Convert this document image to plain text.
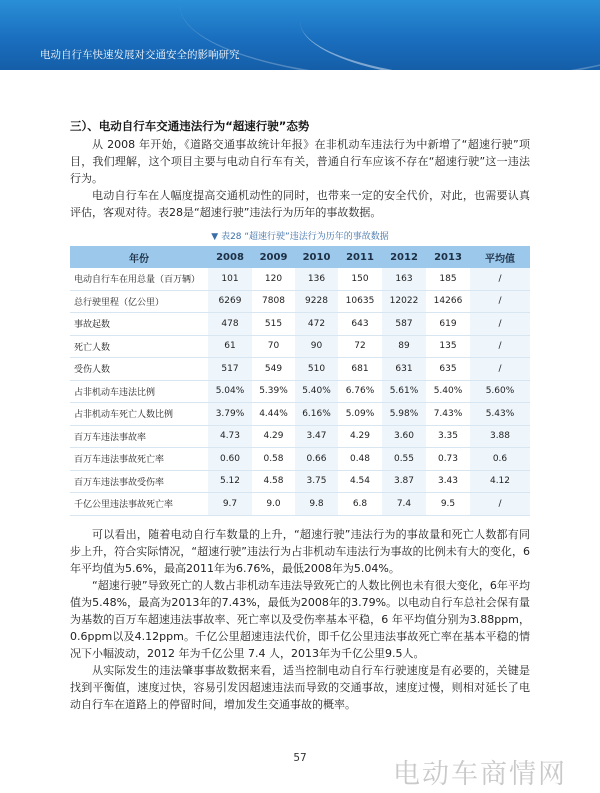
电动自行车快速发展对交通安全的影响研究
三）、电动自行车交通违法行为“超速行驶”态势

从 2008 年开始，《道路交通事故统计年报》在非机动车违法行为中新增了“超速行驶”项目，我们理解，这个项目主要与电动自行车有关，普通自行车应该不存在“超速行驶”这一违法行为。

电动自行车在人幅度提高交通机动性的同时，也带来一定的安全代价，对此，也需要认真评估，客观对待。表28是“超速行驶”违法行为历年的事故数据。

▼ 表28 “超速行驶”违法行为历年的事故数据
年份	2008	2009	2010	2011	2012	2013	平均值
电动自行车在用总量（百万辆）	101	120	136	150	163	185	/
总行驶里程（亿公里）	6269	7808	9228	10635	12022	14266	/
事故起数	478	515	472	643	587	619	/
死亡人数	61	70	90	72	89	135	/
受伤人数	517	549	510	681	631	635	/
占非机动车违法比例	5.04%	5.39%	5.40%	6.76%	5.61%	5.40%	5.60%
占非机动车死亡人数比例	3.79%	4.44%	6.16%	5.09%	5.98%	7.43%	5.43%
百万车违法事故率	4.73	4.29	3.47	4.29	3.60	3.35	3.88
百万车违法事故死亡率	0.60	0.58	0.66	0.48	0.55	0.73	0.6
百万车违法事故受伤率	5.12	4.58	3.75	4.54	3.87	3.43	4.12
千亿公里违法事故死亡率	9.7	9.0	9.8	6.8	7.4	9.5	/

可以看出，随着电动自行车数量的上升，“超速行驶”违法行为的事故量和死亡人数都有同步上升，符合实际情况，“超速行驶”违法行为占非机动车违法行为事故的比例未有大的变化，6年平均值为5.6%，最高2011年为6.76%，最低2008年为5.04%。

“超速行驶”导致死亡的人数占非机动车违法导致死亡的人数比例也未有很大变化，6年平均值为5.48%，最高为2013年的7.43%，最低为2008年的3.79%。以电动自行车总社会保有量为基数的百万车超速违法事故率、死亡率以及受伤率基本平稳，6 年平均值分别为3.88ppm，0.6ppm以及4.12ppm。千亿公里超速违法代价，即千亿公里违法事故死亡率在基本平稳的情况下小幅波动，2012 年为千亿公里 7.4 人，2013年为千亿公里9.5人。

从实际发生的违法肇事事故数据来看，适当控制电动自行车行驶速度是有必要的，关键是找到平衡值，速度过快，容易引发因超速违法而导致的交通事故，速度过慢，则相对延长了电动自行车在道路上的停留时间，增加发生交通事故的概率。

57
电动车商情网
